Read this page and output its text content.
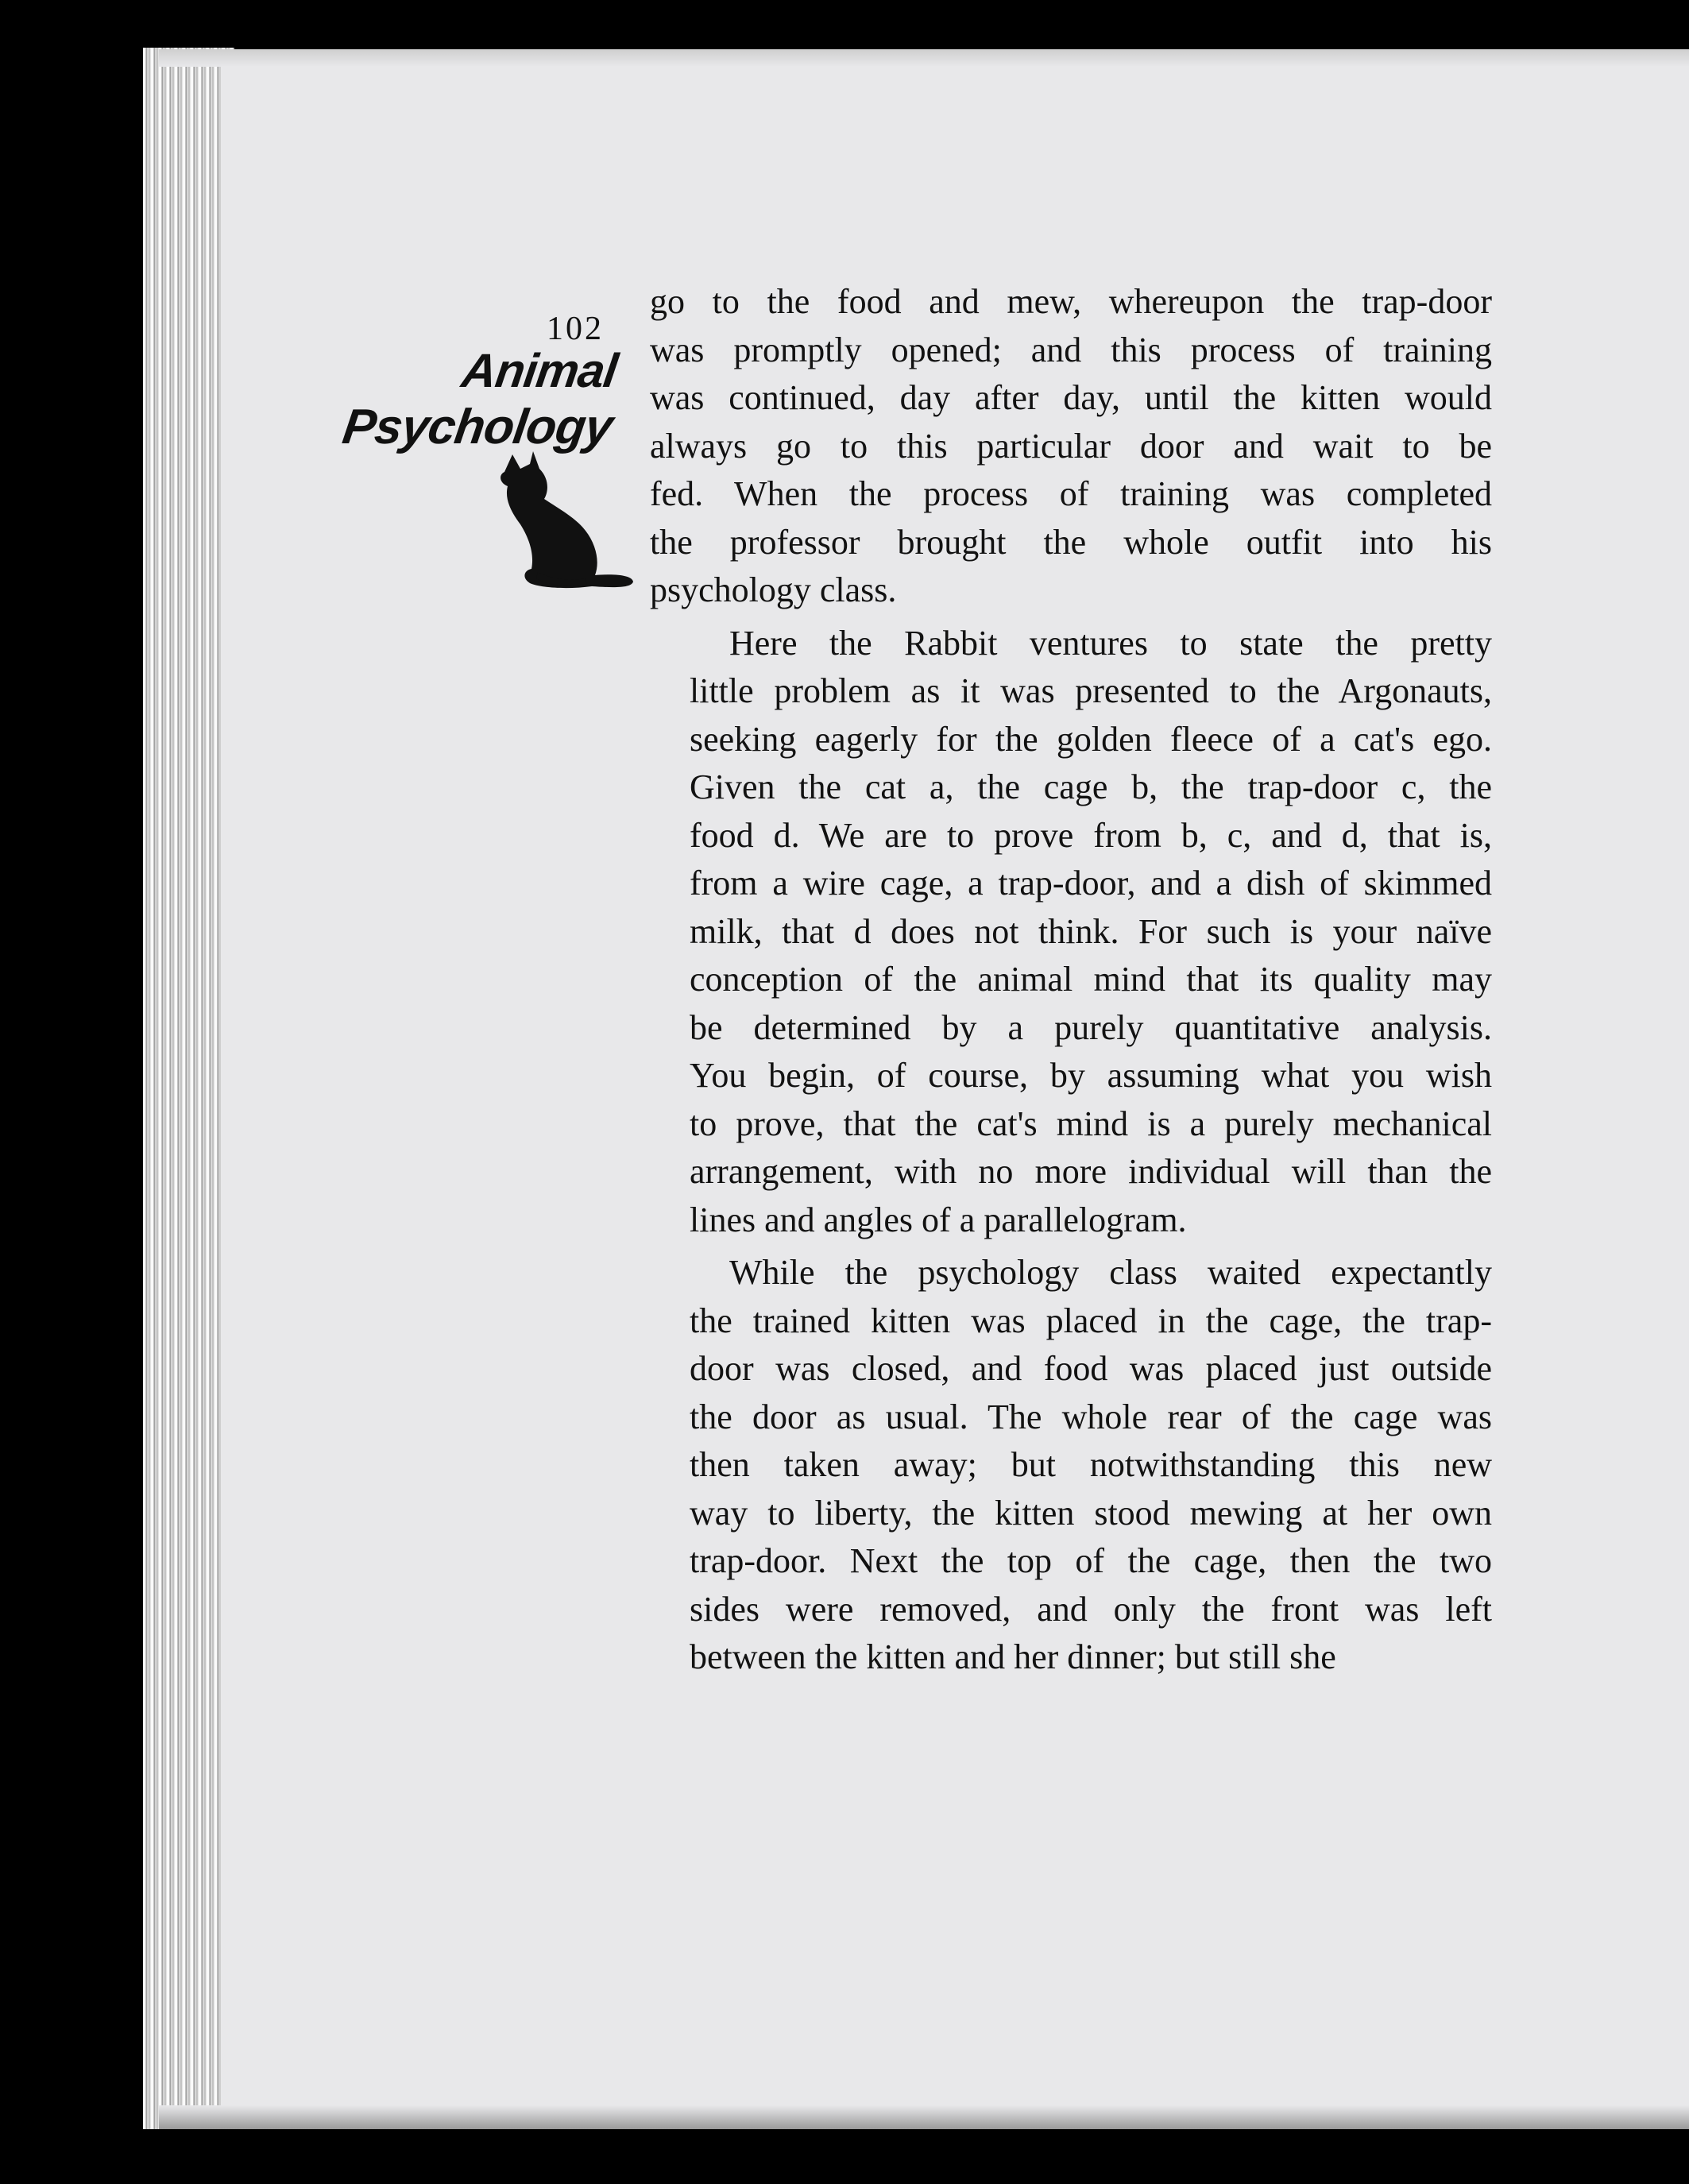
102
Animal
Psychology
go to the food and mew, whereupon the trap-door
was promptly opened; and this process of training
was continued, day after day, until the kitten would
always go to this particular door and wait to be
fed. When the process of training was completed
the professor brought the whole outfit into his
psychology class.
Here the Rabbit ventures to state the pretty
little problem as it was presented to the Argonauts,
seeking eagerly for the golden fleece of a cat's ego.
Given the cat a, the cage b, the trap-door c, the
food d. We are to prove from b, c, and d, that is,
from a wire cage, a trap-door, and a dish of skimmed
milk, that d does not think. For such is your naïve
conception of the animal mind that its quality may
be determined by a purely quantitative analysis.
You begin, of course, by assuming what you wish
to prove, that the cat's mind is a purely mechanical
arrangement, with no more individual will than the
lines and angles of a parallelogram.
While the psychology class waited expectantly
the trained kitten was placed in the cage, the trap-
door was closed, and food was placed just outside
the door as usual. The whole rear of the cage was
then taken away; but notwithstanding this new
way to liberty, the kitten stood mewing at her own
trap-door. Next the top of the cage, then the two
sides were removed, and only the front was left
between the kitten and her dinner; but still she
